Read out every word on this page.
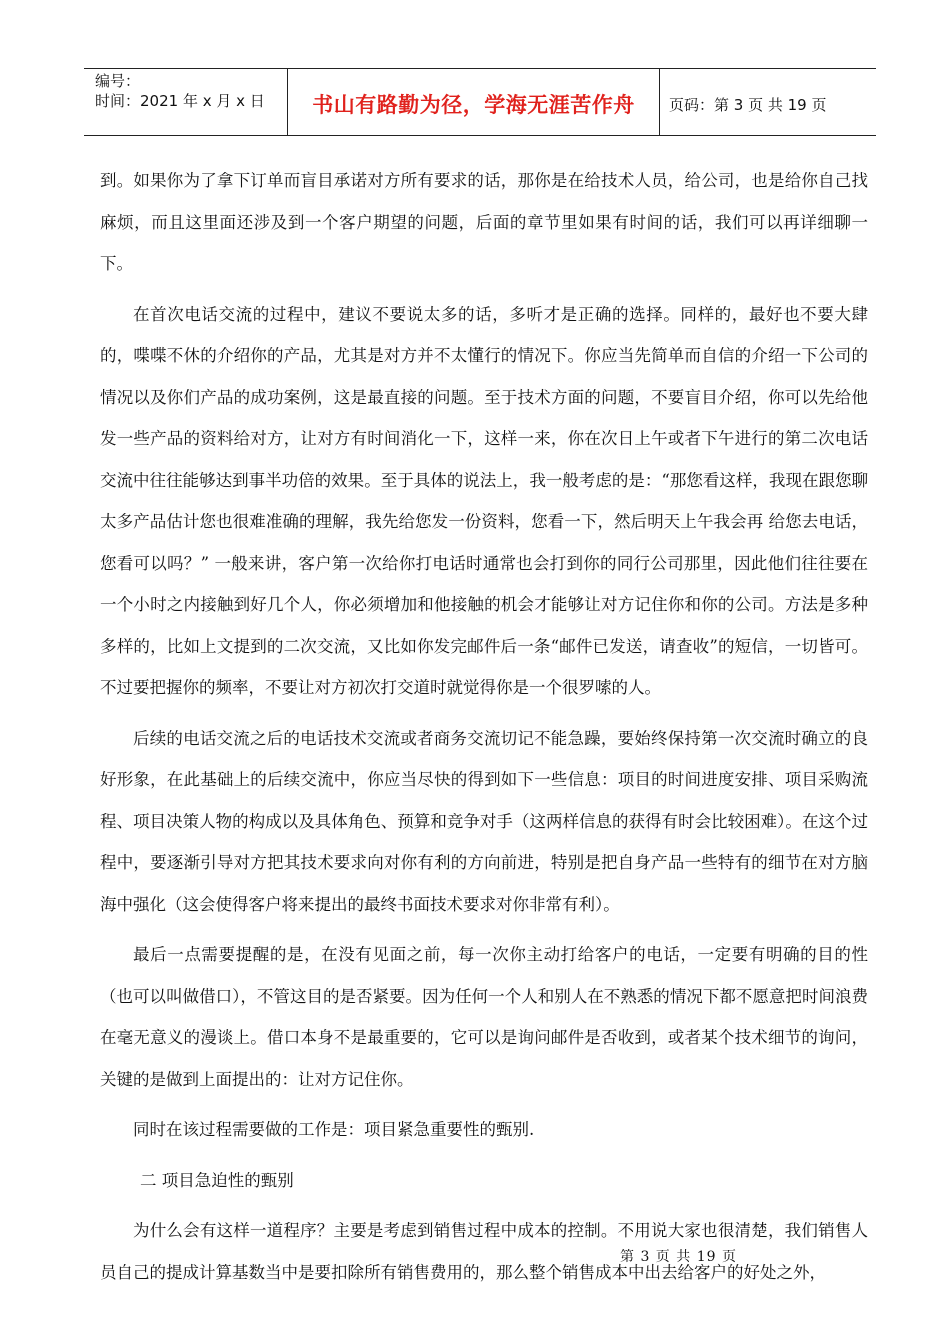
编号：
时间：2021 年 x 月 x 日	书山有路勤为径，学海无涯苦作舟	页码：第 3 页 共 19 页

到。如果你为了拿下订单而盲目承诺对方所有要求的话，那你是在给技术人员，给公司，也是给你自己找麻烦，而且这里面还涉及到一个客户期望的问题，后面的章节里如果有时间的话，我们可以再详细聊一下。

在首次电话交流的过程中，建议不要说太多的话，多听才是正确的选择。同样的，最好也不要大肆的，喋喋不休的介绍你的产品，尤其是对方并不太懂行的情况下。你应当先简单而自信的介绍一下公司的情况以及你们产品的成功案例，这是最直接的问题。至于技术方面的问题，不要盲目介绍，你可以先给他发一些产品的资料给对方，让对方有时间消化一下，这样一来，你在次日上午或者下午进行的第二次电话交流中往往能够达到事半功倍的效果。至于具体的说法上，我一般考虑的是：“那您看这样，我现在跟您聊太多产品估计您也很难准确的理解，我先给您发一份资料，您看一下，然后明天上午我会再 给您去电话，您看可以吗？” 一般来讲，客户第一次给你打电话时通常也会打到你的同行公司那里，因此他们往往要在一个小时之内接触到好几个人，你必须增加和他接触的机会才能够让对方记住你和你的公司。方法是多种多样的，比如上文提到的二次交流，又比如你发完邮件后一条“邮件已发送，请查收”的短信，一切皆可。不过要把握你的频率，不要让对方初次打交道时就觉得你是一个很罗嗦的人。

后续的电话交流之后的电话技术交流或者商务交流切记不能急躁，要始终保持第一次交流时确立的良好形象，在此基础上的后续交流中，你应当尽快的得到如下一些信息：项目的时间进度安排、项目采购流程、项目决策人物的构成以及具体角色、预算和竞争对手（这两样信息的获得有时会比较困难）。在这个过程中，要逐渐引导对方把其技术要求向对你有利的方向前进，特别是把自身产品一些特有的细节在对方脑海中强化（这会使得客户将来提出的最终书面技术要求对你非常有利）。

最后一点需要提醒的是，在没有见面之前，每一次你主动打给客户的电话，一定要有明确的目的性（也可以叫做借口），不管这目的是否紧要。因为任何一个人和别人在不熟悉的情况下都不愿意把时间浪费在毫无意义的漫谈上。借口本身不是最重要的，它可以是询问邮件是否收到，或者某个技术细节的询问，关键的是做到上面提出的：让对方记住你。

同时在该过程需要做的工作是：项目紧急重要性的甄别.

二 项目急迫性的甄别

为什么会有这样一道程序？主要是考虑到销售过程中成本的控制。不用说大家也很清楚，我们销售人员自己的提成计算基数当中是要扣除所有销售费用的，那么整个销售成本中出去给客户的好处之外，

第 3 页 共 19 页
